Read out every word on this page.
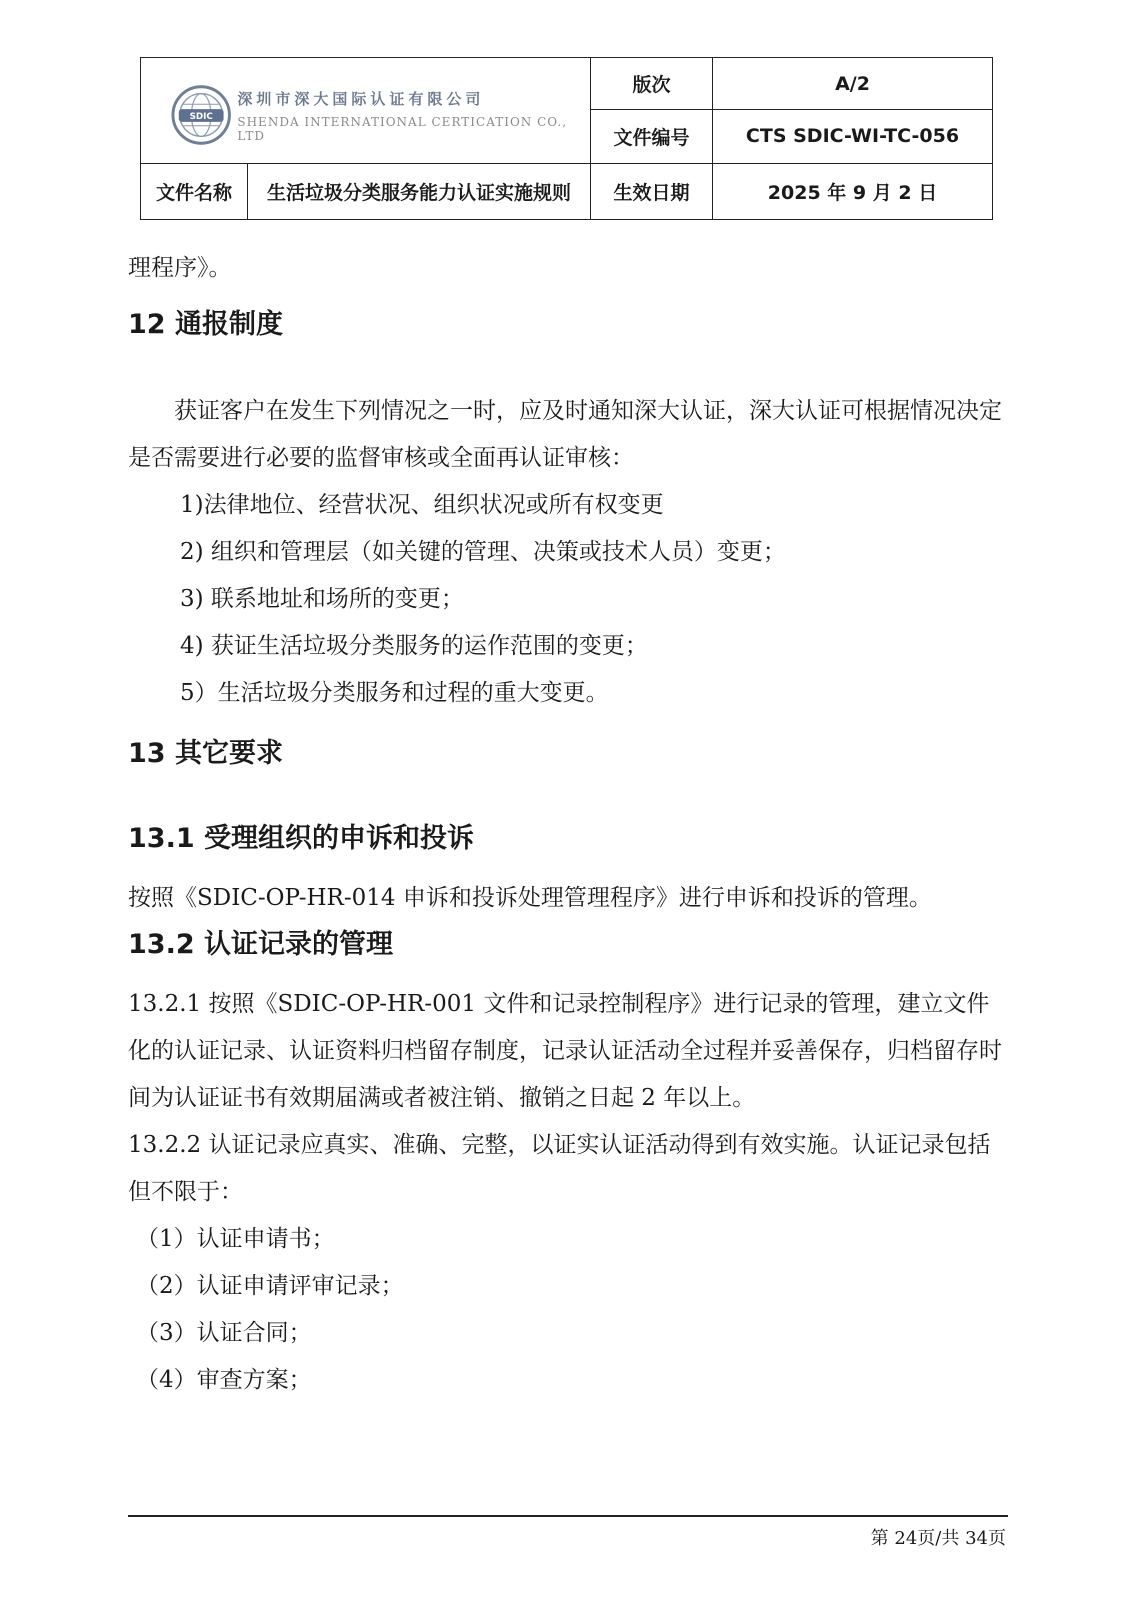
SDIC
深圳市深大国际认证有限公司
SHENDA INTERNATIONAL CERTICATION CO., LTD		版次	A/2
		文件编号	CTS SDIC-WI-TC-056
文件名称	生活垃圾分类服务能力认证实施规则	生效日期	2025 年 9 月 2 日

理程序》。

12 通报制度

获证客户在发生下列情况之一时，应及时通知深大认证，深大认证可根据情况决定是否需要进行必要的监督审核或全面再认证审核：

1)法律地位、经营状况、组织状况或所有权变更

2) 组织和管理层（如关键的管理、决策或技术人员）变更；

3) 联系地址和场所的变更；

4) 获证生活垃圾分类服务的运作范围的变更；

5）生活垃圾分类服务和过程的重大变更。

13 其它要求
13.1 受理组织的申诉和投诉

按照《SDIC-OP-HR-014 申诉和投诉处理管理程序》进行申诉和投诉的管理。

13.2 认证记录的管理

13.2.1 按照《SDIC-OP-HR-001 文件和记录控制程序》进行记录的管理，建立文件化的认证记录、认证资料归档留存制度，记录认证活动全过程并妥善保存，归档留存时间为认证证书有效期届满或者被注销、撤销之日起 2 年以上。

13.2.2 认证记录应真实、准确、完整，以证实认证活动得到有效实施。认证记录包括但不限于：

（1）认证申请书；

（2）认证申请评审记录；

（3）认证合同；

（4）审查方案；

第 24页/共 34页
